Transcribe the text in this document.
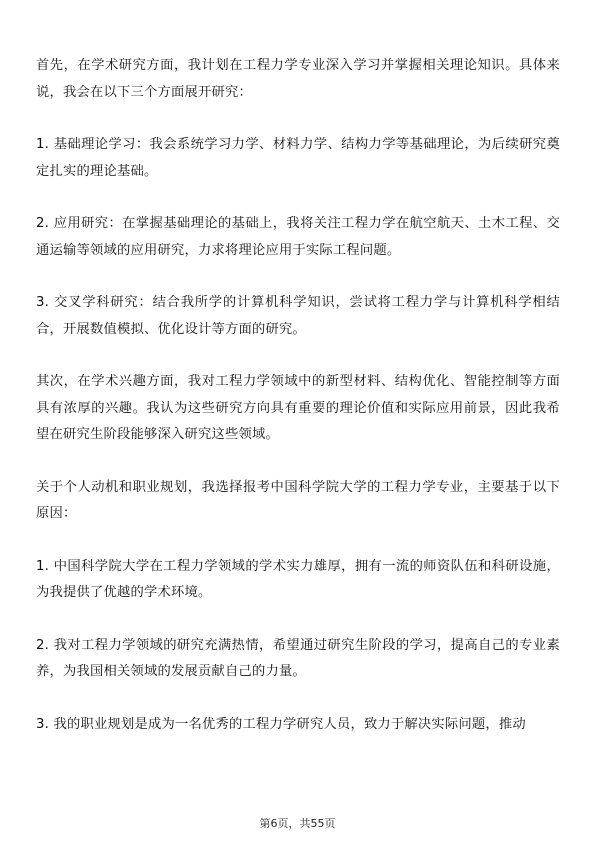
首先，在学术研究方面，我计划在工程力学专业深入学习并掌握相关理论知识。具体来说，我会在以下三个方面展开研究：

1. 基础理论学习：我会系统学习力学、材料力学、结构力学等基础理论，为后续研究奠定扎实的理论基础。

2. 应用研究：在掌握基础理论的基础上，我将关注工程力学在航空航天、土木工程、交通运输等领域的应用研究，力求将理论应用于实际工程问题。

3. 交叉学科研究：结合我所学的计算机科学知识，尝试将工程力学与计算机科学相结合，开展数值模拟、优化设计等方面的研究。

其次，在学术兴趣方面，我对工程力学领域中的新型材料、结构优化、智能控制等方面具有浓厚的兴趣。我认为这些研究方向具有重要的理论价值和实际应用前景，因此我希望在研究生阶段能够深入研究这些领域。

关于个人动机和职业规划，我选择报考中国科学院大学的工程力学专业，主要基于以下原因：

1. 中国科学院大学在工程力学领域的学术实力雄厚，拥有一流的师资队伍和科研设施，为我提供了优越的学术环境。

2. 我对工程力学领域的研究充满热情，希望通过研究生阶段的学习，提高自己的专业素养，为我国相关领域的发展贡献自己的力量。

3. 我的职业规划是成为一名优秀的工程力学研究人员，致力于解决实际问题，推动

第6页，共55页
